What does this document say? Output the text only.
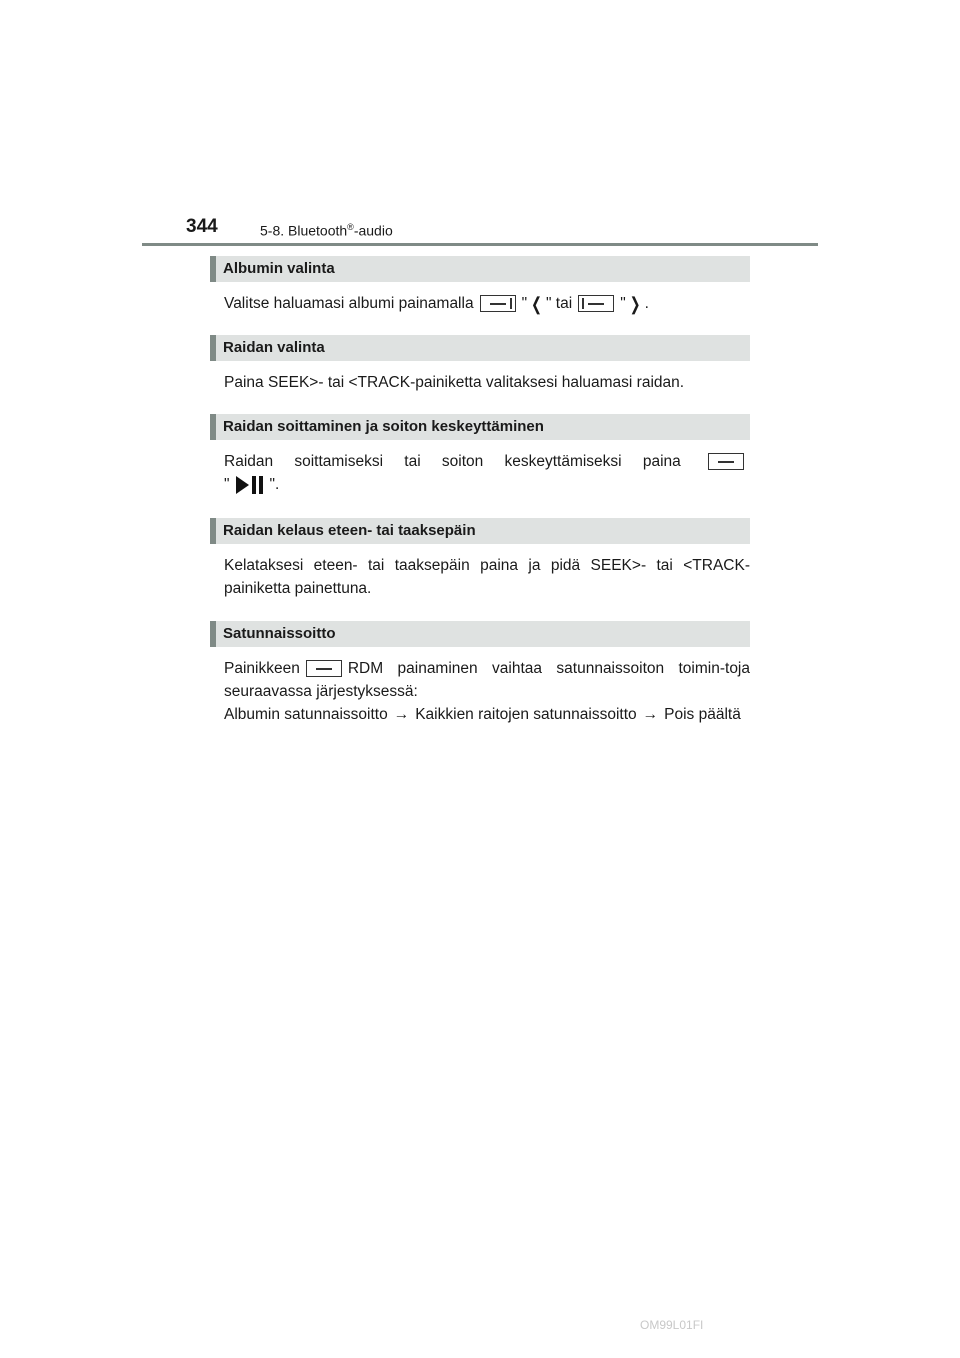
344	5-8. Bluetooth®-audio
Albumin valinta
Valitse haluamasi albumi painamalla	" ❮ " tai	" ❯ .
Raidan valinta
Paina SEEK>- tai <TRACK-painiketta valitaksesi haluamasi raidan.
Raidan soittaminen ja soiton keskeyttäminen
Raidan soittamiseksi tai soiton keskeyttämiseksi paina
"	".
Raidan kelaus eteen- tai taaksepäin
Kelataksesi eteen- tai taaksepäin paina ja pidä SEEK>- tai <TRACK-painiketta painettuna.
Satunnaissoitto
Painikkeen	RDM painaminen vaihtaa satunnaissoiton toimin-toja seuraavassa järjestyksessä:
Albumin satunnaissoitto → Kaikkien raitojen satunnaissoitto → Pois päältä
OM99L01FI
